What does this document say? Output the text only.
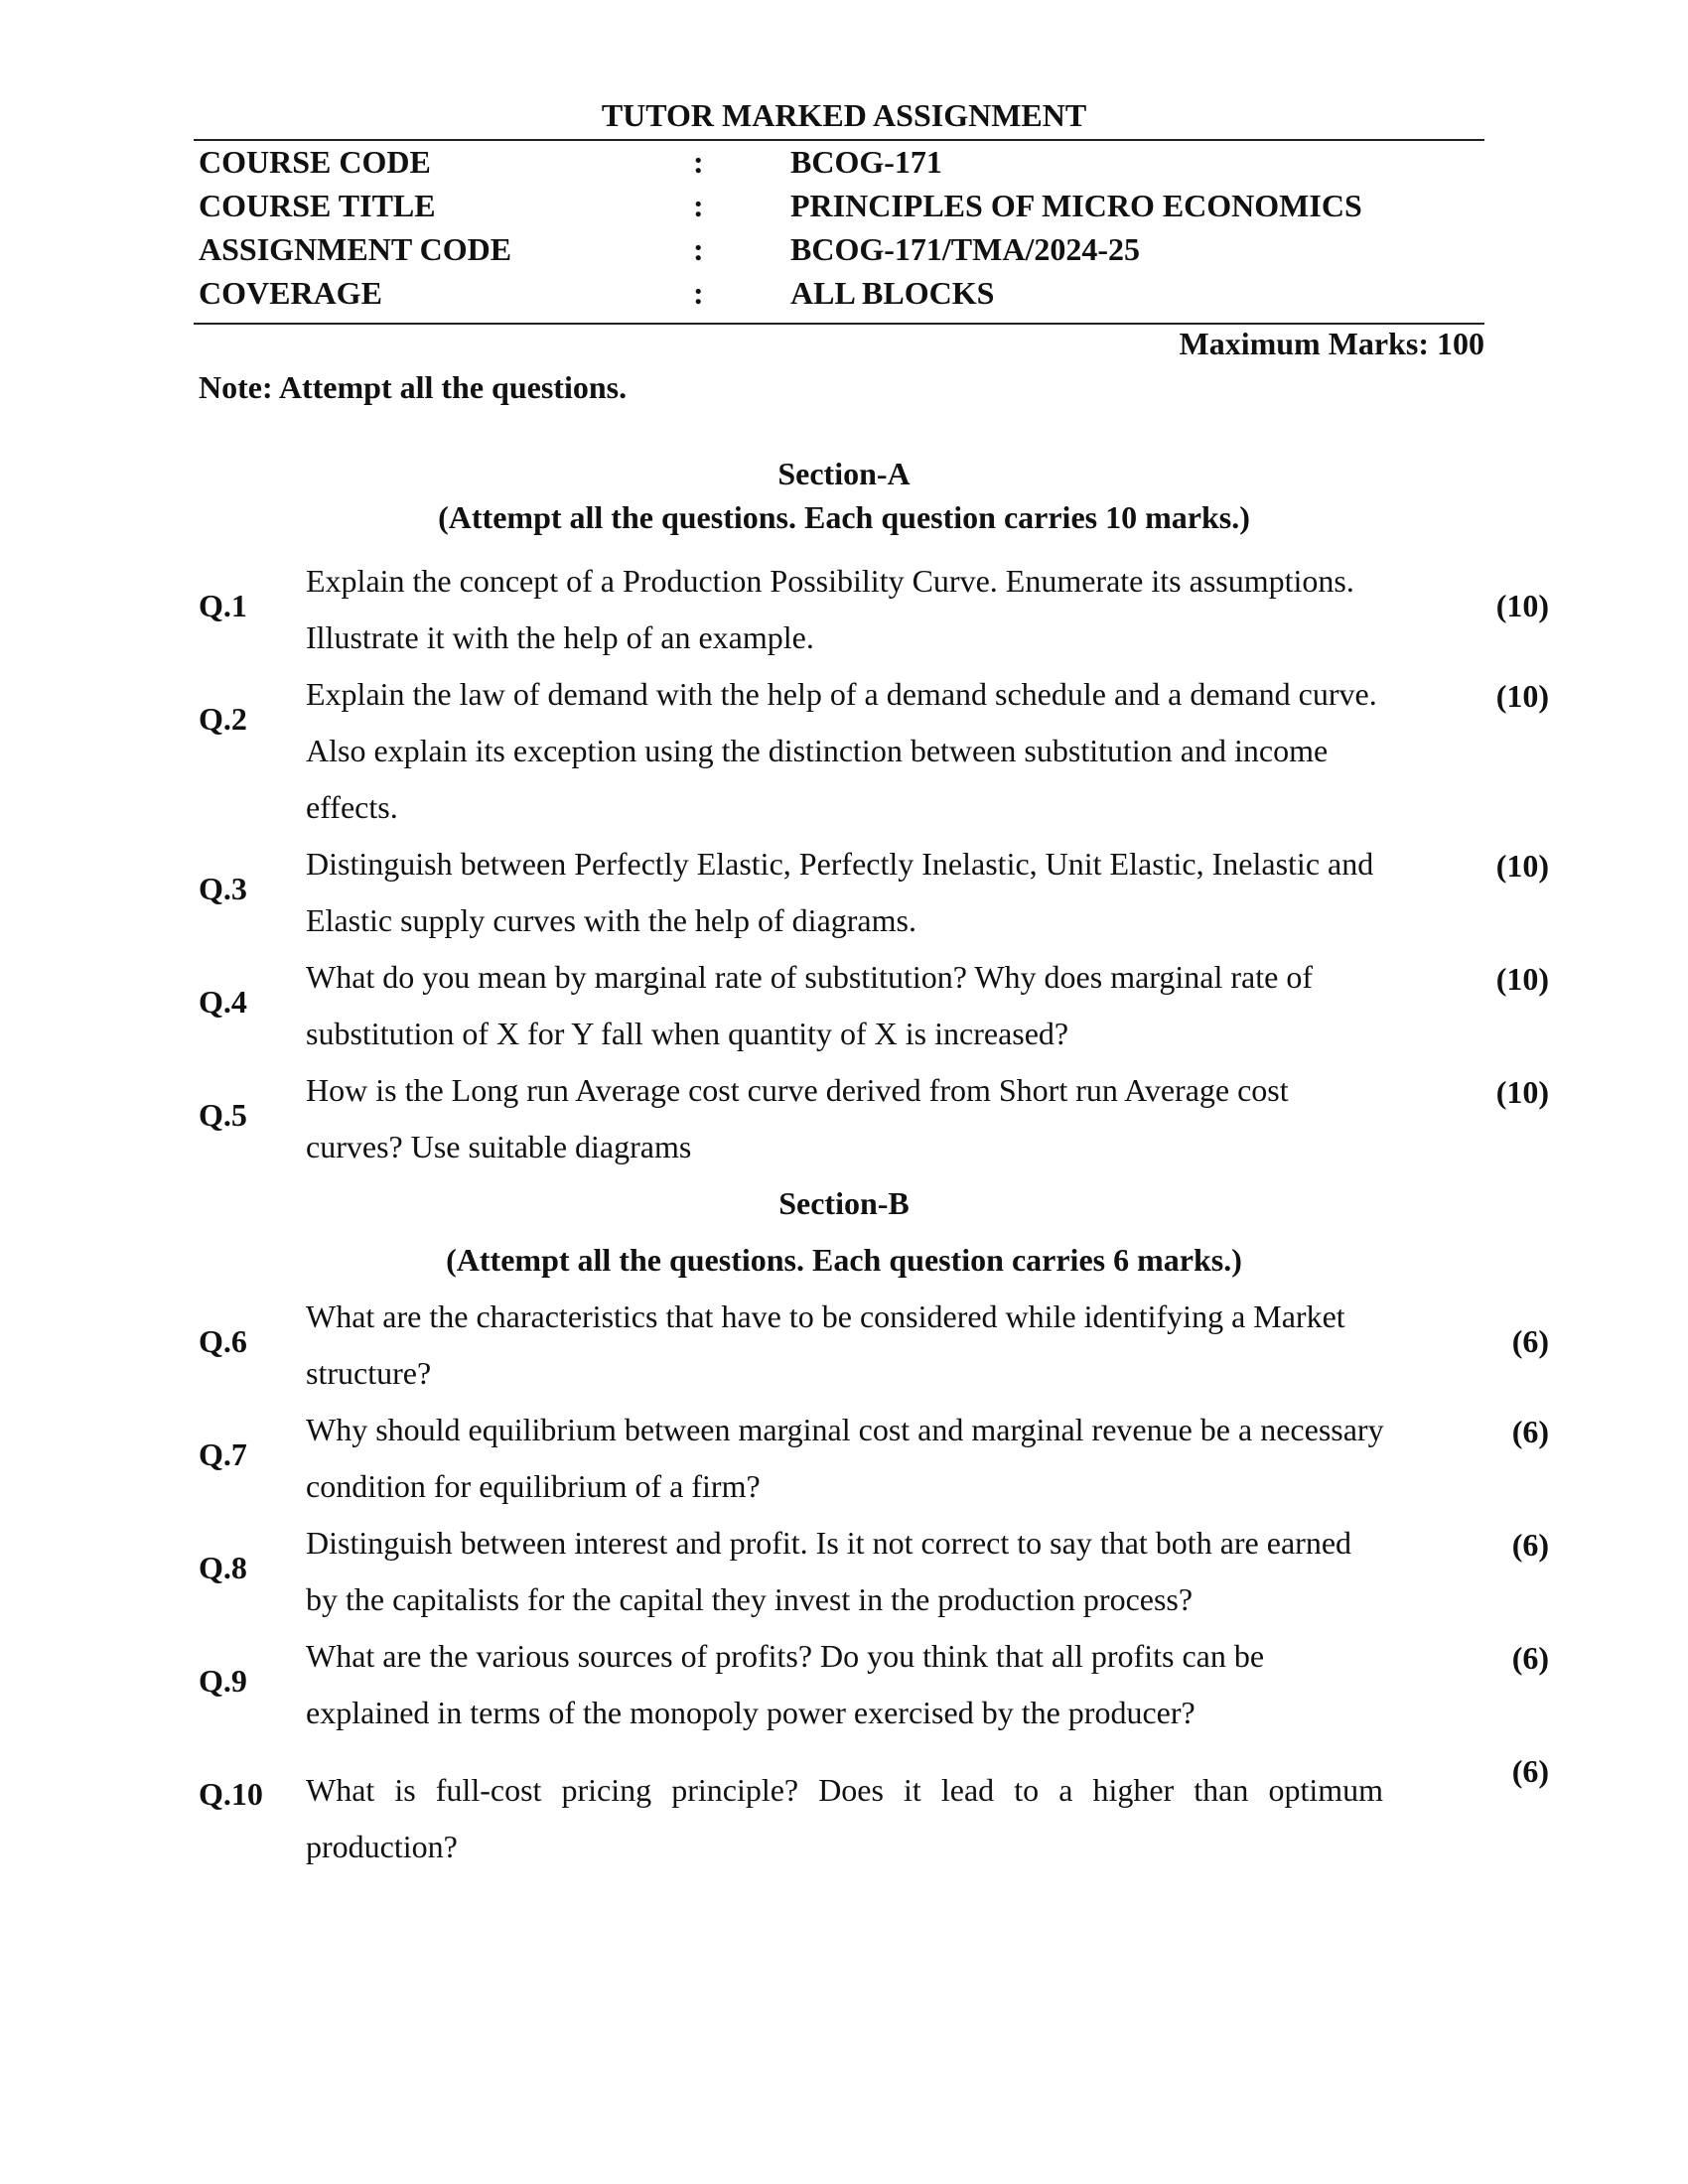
TUTOR MARKED ASSIGNMENT
COURSE CODE	:	BCOG-171
COURSE TITLE	:	PRINCIPLES OF MICRO ECONOMICS
ASSIGNMENT CODE	:	BCOG-171/TMA/2024-25
COVERAGE	:	ALL BLOCKS
Maximum Marks: 100
Note: Attempt all the questions.
Section-A
(Attempt all the questions. Each question carries 10 marks.)
Q.1
Explain the concept of a Production Possibility Curve. Enumerate its assumptions. Illustrate it with the help of an example.
(10)
Q.2
Explain the law of demand with the help of a demand schedule and a demand curve. Also explain its exception using the distinction between substitution and income effects.
(10)
Q.3
Distinguish between Perfectly Elastic, Perfectly Inelastic, Unit Elastic, Inelastic and Elastic supply curves with the help of diagrams.
(10)
Q.4
What do you mean by marginal rate of substitution? Why does marginal rate of substitution of X for Y fall when quantity of X is increased?
(10)
Q.5
How is the Long run Average cost curve derived from Short run Average cost curves? Use suitable diagrams
(10)
Section-B
(Attempt all the questions. Each question carries 6 marks.)
Q.6
What are the characteristics that have to be considered while identifying a Market structure?
(6)
Q.7
Why should equilibrium between marginal cost and marginal revenue be a necessary condition for equilibrium of a firm?
(6)
Q.8
Distinguish between interest and profit. Is it not correct to say that both are earned by the capitalists for the capital they invest in the production process?
(6)
Q.9
What are the various sources of profits? Do you think that all profits can be explained in terms of the monopoly power exercised by the producer?
(6)
Q.10 What is full-cost pricing principle? Does it lead to a higher than optimum production?
(6)
